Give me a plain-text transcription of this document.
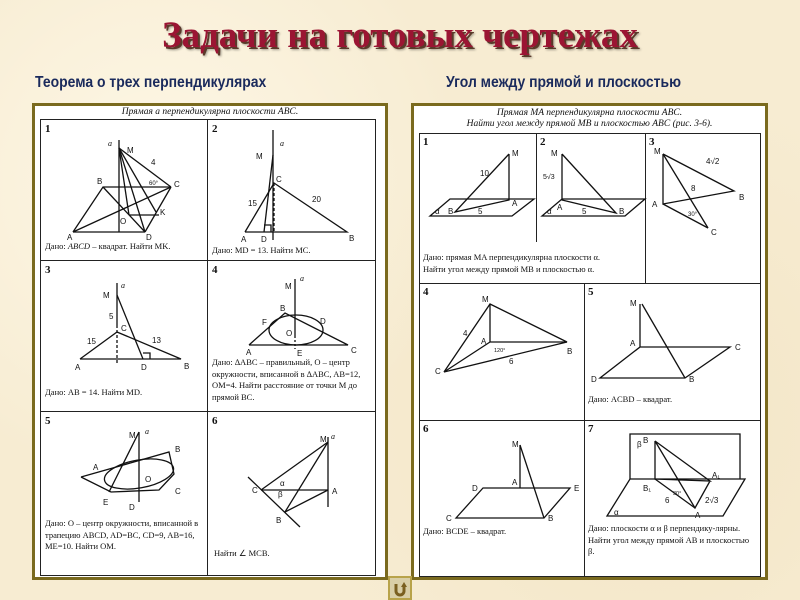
Задачи на готовых чертежах
Теорема о трех перпендикулярах	Угол между прямой и плоскостью
Прямая a перпендикулярна плоскости ABC.
1
a
M
4
B	60° C
O
K
A	D
Дано: ABCD – квадрат. Найти MK.
2
M
a
C
15	20
A D	B
Дано: MD = 13. Найти MC.
3
a
M
5
C
15	13
A	D	B
Дано: AB = 14. Найти MD.
4
a
M
B
F	D
O
A	E	C
Дано: ∆ABC – правильный, O – центр окружности, вписанной в ∆ABC, AB=12, OM=4. Найти расстояние от точки M до прямой BC.
5
M a
B
A
O
C
E
D
Дано: O – центр окружности, вписанной в трапецию ABCD, AD=BC, CD=9, AB=16, ME=10. Найти OM.
6
M a
α
C	β	A
B
Найти ∠ MCB.
Прямая MA перпендикулярна плоскости ABC.
Найти угол между прямой MB и плоскостью ABC (рис. 3-6).
1
M
10
A
B	5
α
2
M
5√3
A 5	B
α
3
M
4√2
8
A
B
30°
C
Дано: прямая MA перпендикулярна плоскости α.
Найти угол между прямой MB и плоскостью α.
4
M
4
A
120°	B
6
C
5
M
A	C
D	B
Дано: ACBD – квадрат.
6
M
D
A
E
C	B
Дано: BCDE – квадрат.
7
β B
A₁
B₁
6	2√3
A
α
30°
Дано: плоскости α и β перпендику-лярны. Найти угол между прямой AB и плоскостью β.
